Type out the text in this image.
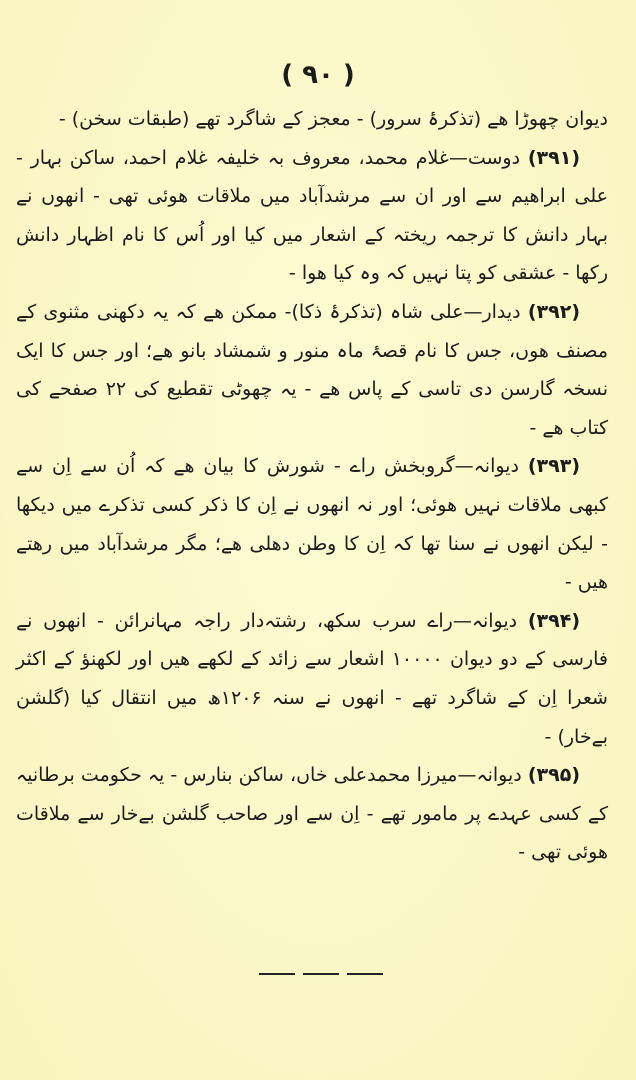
( ۹۰ )

دیوان چھوڑا ھے (تذکرۂ سرور) - معجز کے شاگرد تھے (طبقات سخن) -

(۳۹۱) دوست—غلام محمد، معروف بہ خلیفہ غلام احمد، ساکن بہار - علی ابراھیم سے اور ان سے مرشدآباد میں ملاقات ھوئی تھی - انھوں نے بہار دانش کا ترجمہ ریختہ کے اشعار میں کیا اور اُس کا نام اظہار دانش رکھا - عشقی کو پتا نہیں کہ وہ کیا ھوا -

(۳۹۲) دیدار—علی شاہ (تذکرۂ ذکا)- ممکن ھے کہ یہ دکھنی مثنوی کے مصنف ھوں، جس کا نام قصۂ ماہ منور و شمشاد بانو ھے؛ اور جس کا ایک نسخہ گارسن دی تاسی کے پاس ھے - یہ چھوٹی تقطیع کی ۲۲ صفحے کی کتاب ھے -

(۳۹۳) دیوانہ—گروبخش راے - شورش کا بیان ھے کہ اُن سے اِن سے کبھی ملاقات نہیں ھوئی؛ اور نہ انھوں نے اِن کا ذکر کسی تذکرے میں دیکھا - لیکن انھوں نے سنا تھا کہ اِن کا وطن دھلی ھے؛ مگر مرشدآباد میں رھتے ھیں -

(۳۹۴) دیوانہ—راے سرب سکھ، رشتہ‌دار راجہ مہانرائن - انھوں نے فارسی کے دو دیوان ۱۰۰۰۰ اشعار سے زائد کے لکھے ھیں اور لکھنؤ کے اکثر شعرا اِن کے شاگرد تھے - انھوں نے سنہ ۱۲۰۶ھ میں انتقال کیا (گلشن بےخار) -

(۳۹۵) دیوانہ—میرزا محمدعلی خاں، ساکن بنارس - یہ حکومت برطانیہ کے کسی عہدے پر مامور تھے - اِن سے اور صاحب گلشن بےخار سے ملاقات ھوئی تھی -
